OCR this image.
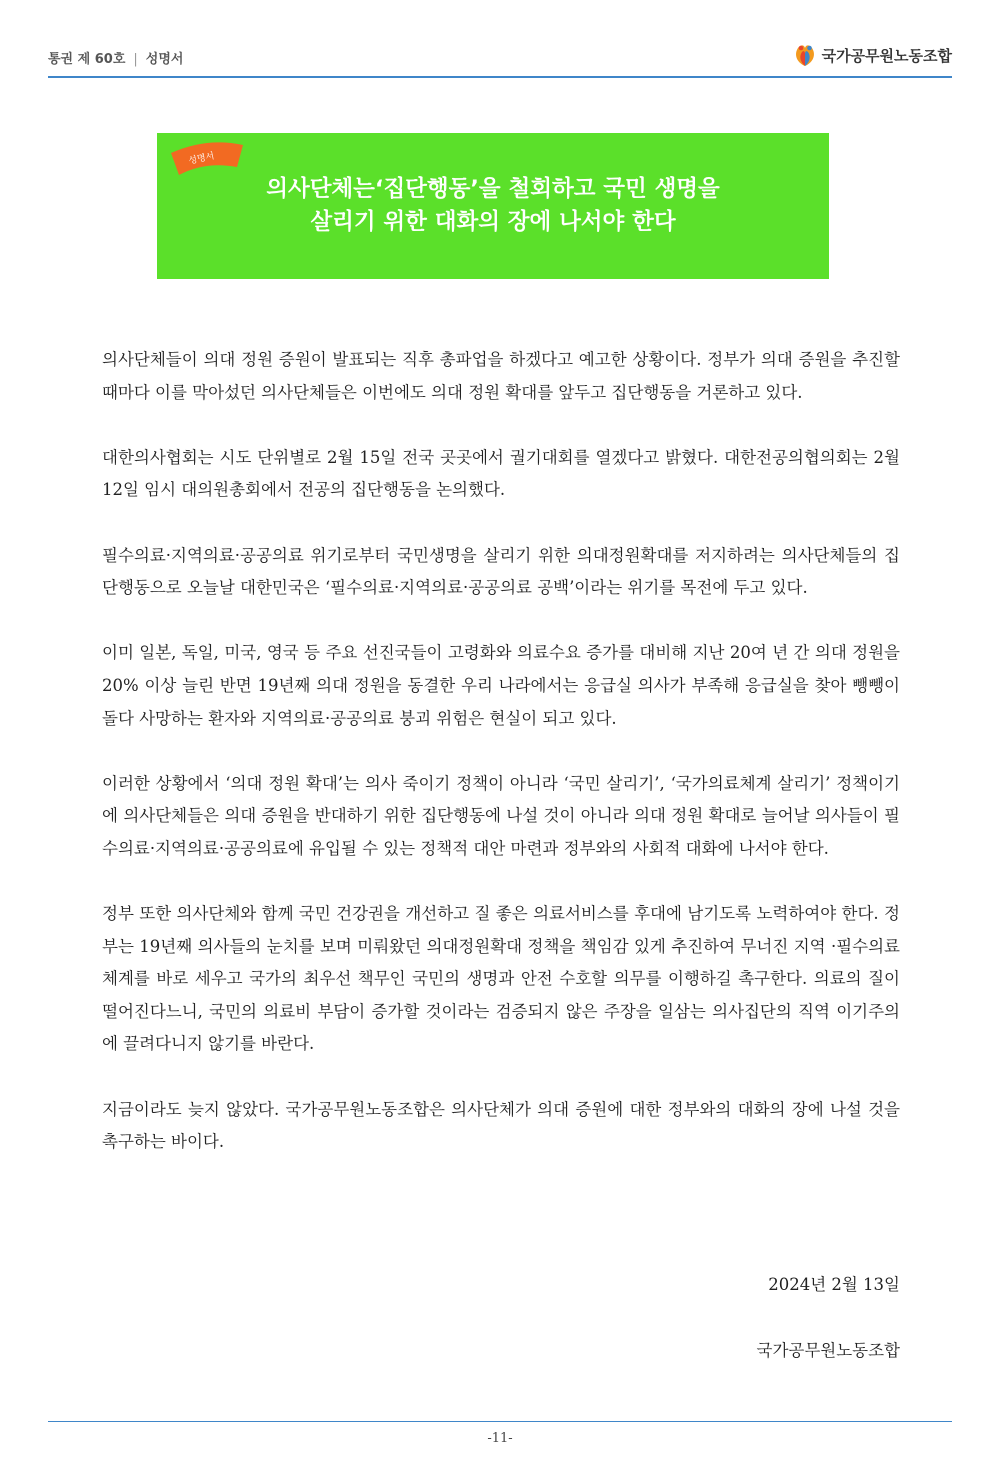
통권 제 60호 | 성명서	국가공무원노동조합
성명서
의사단체는‘집단행동’을 철회하고 국민 생명을
살리기 위한 대화의 장에 나서야 한다

의사단체들이 의대 정원 증원이 발표되는 직후 총파업을 하겠다고 예고한 상황이다. 정부가 의대 증원을 추진할 때마다 이를 막아섰던 의사단체들은 이번에도 의대 정원 확대를 앞두고 집단행동을 거론하고 있다.

대한의사협회는 시도 단위별로 2월 15일 전국 곳곳에서 궐기대회를 열겠다고 밝혔다. 대한전공의협의회는 2월 12일 임시 대의원총회에서 전공의 집단행동을 논의했다.

필수의료·지역의료·공공의료 위기로부터 국민생명을 살리기 위한 의대정원확대를 저지하려는 의사단체들의 집단행동으로 오늘날 대한민국은 ‘필수의료·지역의료·공공의료 공백’이라는 위기를 목전에 두고 있다.

이미 일본, 독일, 미국, 영국 등 주요 선진국들이 고령화와 의료수요 증가를 대비해 지난 20여 년 간 의대 정원을 20% 이상 늘린 반면 19년째 의대 정원을 동결한 우리 나라에서는 응급실 의사가 부족해 응급실을 찾아 뺑뺑이 돌다 사망하는 환자와 지역의료·공공의료 붕괴 위험은 현실이 되고 있다.

이러한 상황에서 ‘의대 정원 확대’는 의사 죽이기 정책이 아니라 ‘국민 살리기’, ‘국가의료체계 살리기’ 정책이기에 의사단체들은 의대 증원을 반대하기 위한 집단행동에 나설 것이 아니라 의대 정원 확대로 늘어날 의사들이 필수의료·지역의료·공공의료에 유입될 수 있는 정책적 대안 마련과 정부와의 사회적 대화에 나서야 한다.

정부 또한 의사단체와 함께 국민 건강권을 개선하고 질 좋은 의료서비스를 후대에 남기도록 노력하여야 한다. 정부는 19년째 의사들의 눈치를 보며 미뤄왔던 의대정원확대 정책을 책임감 있게 추진하여 무너진 지역 ·필수의료체계를 바로 세우고 국가의 최우선 책무인 국민의 생명과 안전 수호할 의무를 이행하길 촉구한다. 의료의 질이 떨어진다느니, 국민의 의료비 부담이 증가할 것이라는 검증되지 않은 주장을 일삼는 의사집단의 직역 이기주의에 끌려다니지 않기를 바란다.

지금이라도 늦지 않았다. 국가공무원노동조합은 의사단체가 의대 증원에 대한 정부와의 대화의 장에 나설 것을 촉구하는 바이다.

2024년 2월 13일
국가공무원노동조합
-11-
